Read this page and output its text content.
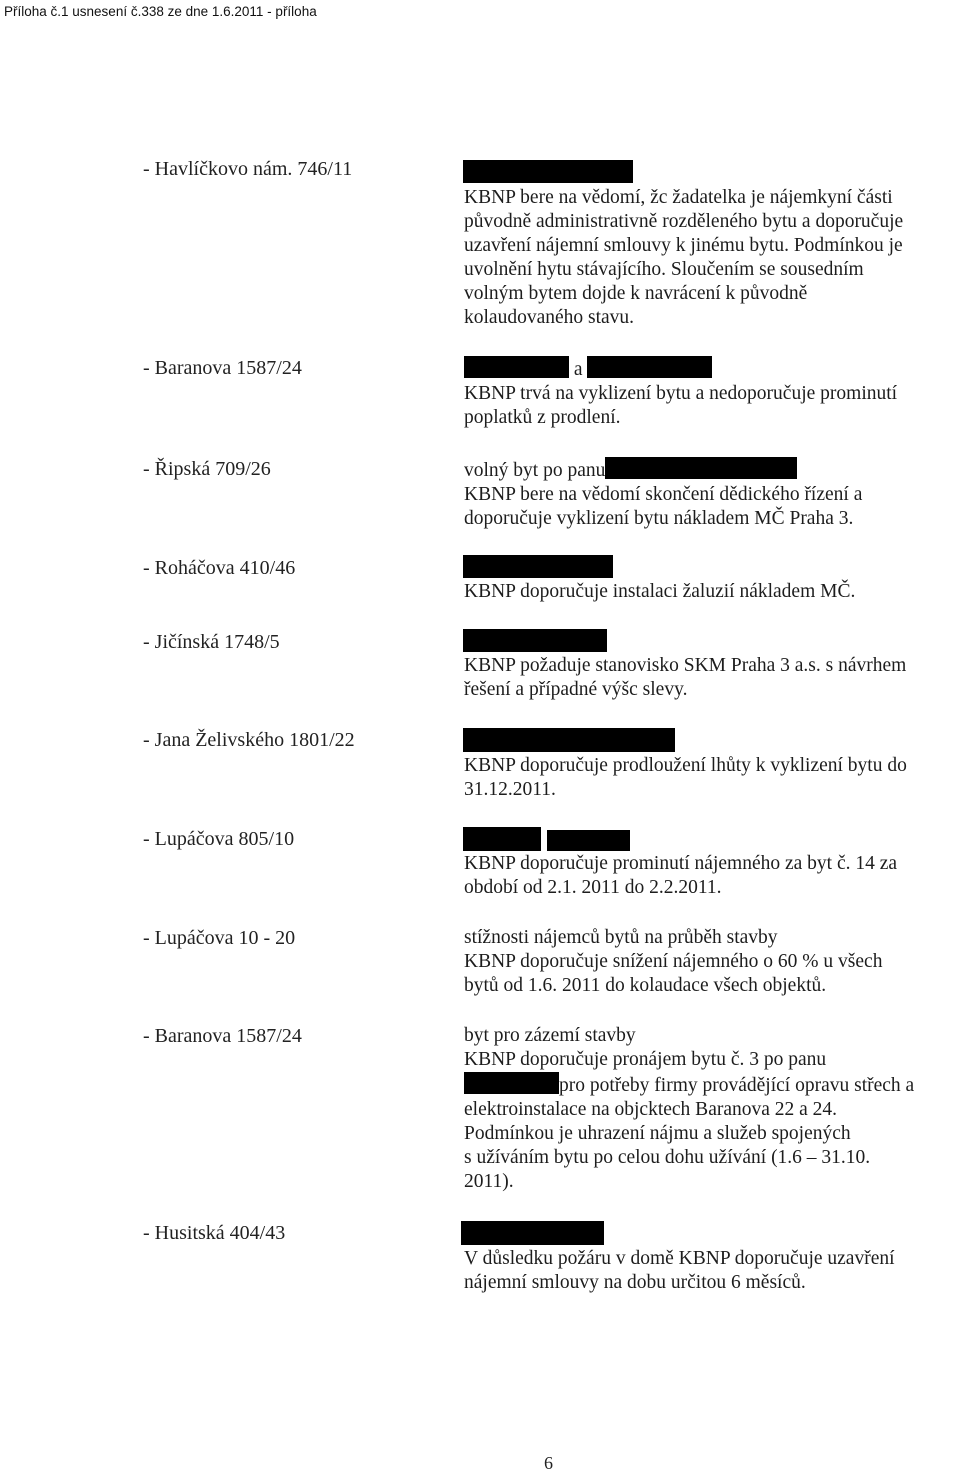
Příloha č.1 usnesení č.338 ze dne 1.6.2011 - příloha
- Havlíčkovo nám. 746/11
KBNP bere na vědomí, žc žadatelka je nájemkyní části
původně administrativně rozděleného bytu a doporučuje
uzavření nájemní smlouvy k jinému bytu. Podmínkou je
uvolnění hytu stávajícího. Sloučením se sousedním
volným bytem dojde k navrácení k původně
kolaudovaného stavu.
- Baranova 1587/24	a
KBNP trvá na vyklizení bytu a nedoporučuje prominutí
poplatků z prodlení.
- Řipská 709/26	volný byt po panu
KBNP bere na vědomí skončení dědického řízení a
doporučuje vyklizení bytu nákladem MČ Praha 3.
- Roháčova 410/46
KBNP doporučuje instalaci žaluzií nákladem MČ.
- Jičínská 1748/5
KBNP požaduje stanovisko SKM Praha 3 a.s. s návrhem
řešení a případné výšc slevy.
- Jana Želivského 1801/22
KBNP doporučuje prodloužení lhůty k vyklizení bytu do
31.12.2011.
- Lupáčova 805/10
KBNP doporučuje prominutí nájemného za byt č. 14 za
období od 2.1. 2011 do 2.2.2011.
- Lupáčova 10 - 20	stížnosti nájemců bytů na průběh stavby
KBNP doporučuje snížení nájemného o 60 % u všech
bytů od 1.6. 2011 do kolaudace všech objektů.
- Baranova 1587/24	byt pro zázemí stavby
KBNP doporučuje pronájem bytu č. 3 po panu
pro potřeby firmy provádějící opravu střech a
elektroinstalace na objcktech Baranova 22 a 24.
Podmínkou je uhrazení nájmu a služeb spojených
s užíváním bytu po celou dohu užívání (1.6 – 31.10.
2011).
- Husitská 404/43
V důsledku požáru v domě KBNP doporučuje uzavření
nájemní smlouvy na dobu určitou 6 měsíců.
6
